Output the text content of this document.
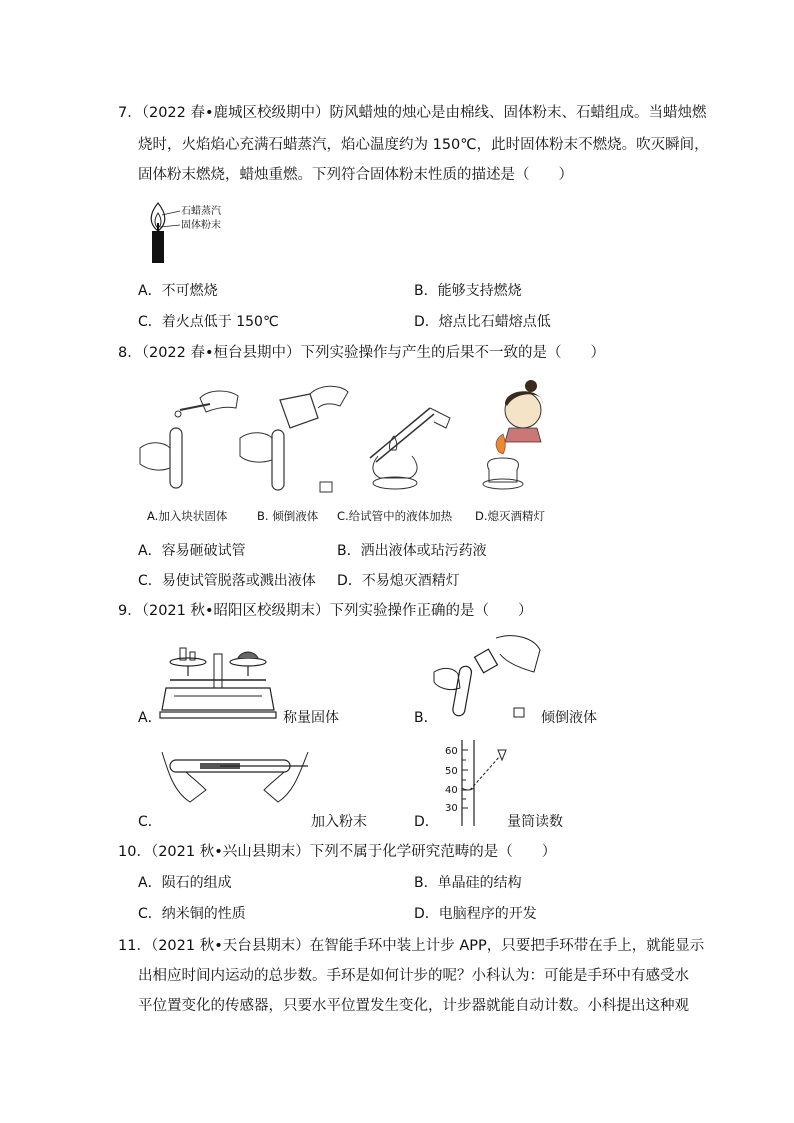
7．（2022 春•鹿城区校级期中）防风蜡烛的烛心是由棉线、固体粉末、石蜡组成。当蜡烛燃
烧时，火焰焰心充满石蜡蒸汽，焰心温度约为 150℃，此时固体粉末不燃烧。吹灭瞬间，
固体粉末燃烧，蜡烛重燃。下列符合固体粉末性质的描述是（　　）
石蜡蒸汽
固体粉末
A．不可燃烧	B．能够支持燃烧
C．着火点低于 150℃	D．熔点比石蜡熔点低
8．（2022 春•桓台县期中）下列实验操作与产生的后果不一致的是（　　）
A.加入块状固体	B. 倾倒液体 C.给试管中的液体加热 D.熄灭酒精灯
A．容易砸破试管	B．洒出液体或玷污药液
C．易使试管脱落或溅出液体 D．不易熄灭酒精灯
9．（2021 秋•昭阳区校级期末）下列实验操作正确的是（　　）
A．	称量固体	B．	倾倒液体
C．	加入粉末
60
50
40
30
D．	量筒读数
10．（2021 秋•兴山县期末）下列不属于化学研究范畴的是（　　）
A．陨石的组成	B．单晶硅的结构
C．纳米铜的性质	D．电脑程序的开发
11．（2021 秋•天台县期末）在智能手环中装上计步 APP，只要把手环带在手上，就能显示
出相应时间内运动的总步数。手环是如何计步的呢？小科认为：可能是手环中有感受水
平位置变化的传感器，只要水平位置发生变化，计步器就能自动计数。小科提出这种观
